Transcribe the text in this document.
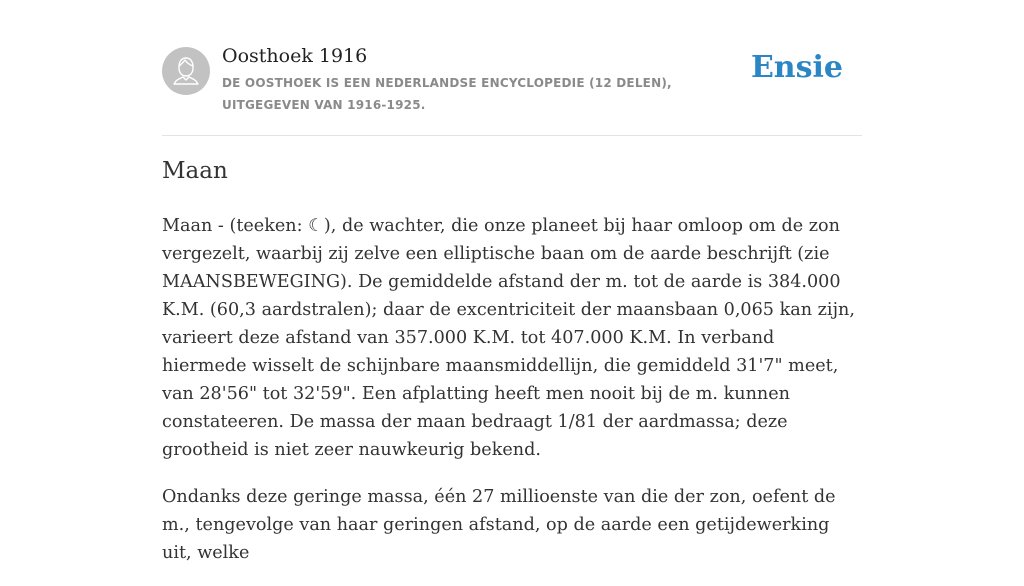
Oosthoek 1916
DE OOSTHOEK IS EEN NEDERLANDSE ENCYCLOPEDIE (12 DELEN), UITGEGEVEN VAN 1916-1925.
Ensie
Maan

Maan - (teeken: ☾), de wachter, die onze planeet bij haar omloop om de zon vergezelt, waarbij zij zelve een elliptische baan om de aarde beschrijft (zie MAANSBEWEGING). De gemiddelde afstand der m. tot de aarde is 384.000 K.M. (60,3 aardstralen); daar de excentriciteit der maansbaan 0,065 kan zijn, varieert deze afstand van 357.000 K.M. tot 407.000 K.M. In verband hiermede wisselt de schijnbare maansmiddellijn, die gemiddeld 31'7" meet, van 28'56" tot 32'59". Een afplatting heeft men nooit bij de m. kunnen constateeren. De massa der maan bedraagt 1/81 der aardmassa; deze grootheid is niet zeer nauwkeurig bekend.

Ondanks deze geringe massa, één 27 millioenste van die der zon, oefent de m., tengevolge van haar geringen afstand, op de aarde een getijdewerking uit, welke
